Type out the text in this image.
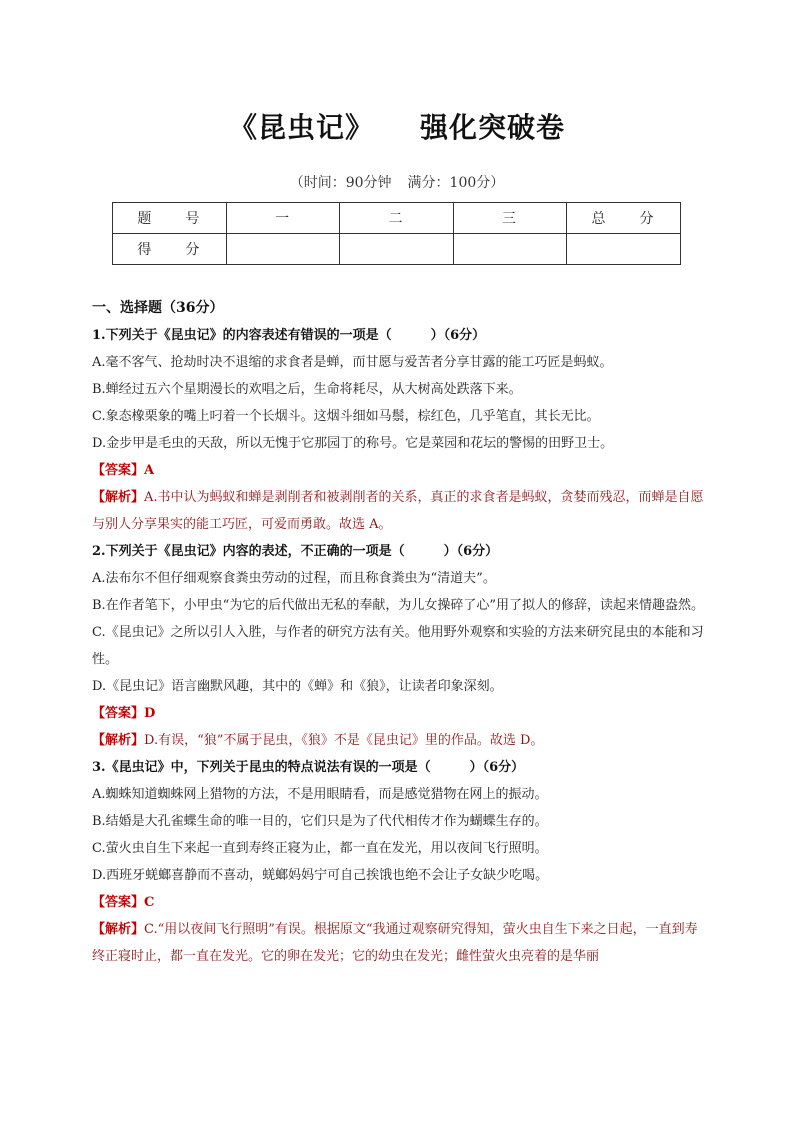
《昆虫记》 强化突破卷
（时间：90分钟 满分：100分）
题　　号	一	二	三	总　　分
得　　分				
一、选择题（36分）
1.下列关于《昆虫记》的内容表述有错误的一项是（　　　）（6分）
A.毫不客气、抢劫时决不退缩的求食者是蝉，而甘愿与爱苦者分享甘露的能工巧匠是蚂蚁。
B.蝉经过五六个星期漫长的欢唱之后，生命将耗尽，从大树高处跌落下来。
C.象态橡栗象的嘴上叼着一个长烟斗。这烟斗细如马鬃，棕红色，几乎笔直，其长无比。
D.金步甲是毛虫的天敌，所以无愧于它那园丁的称号。它是菜园和花坛的警惕的田野卫士。
【答案】A
【解析】A.书中认为蚂蚁和蝉是剥削者和被剥削者的关系，真正的求食者是蚂蚁，贪婪而残忍，而蝉是自愿与别人分享果实的能工巧匠，可爱而勇敢。故选 A。
2.下列关于《昆虫记》内容的表述，不正确的一项是（　　　）（6分）
A.法布尔不但仔细观察食粪虫劳动的过程，而且称食粪虫为“清道夫”。
B.在作者笔下，小甲虫“为它的后代做出无私的奉献，为儿女操碎了心”用了拟人的修辞，读起来情趣盎然。
C.《昆虫记》之所以引人入胜，与作者的研究方法有关。他用野外观察和实验的方法来研究昆虫的本能和习性。
D.《昆虫记》语言幽默风趣，其中的《蝉》和《狼》，让读者印象深刻。
【答案】D
【解析】D.有误，“狼”不属于昆虫，《狼》不是《昆虫记》里的作品。故选 D。
3.《昆虫记》中，下列关于昆虫的特点说法有误的一项是（　　　）（6分）
A.蜘蛛知道蜘蛛网上猎物的方法，不是用眼睛看，而是感觉猎物在网上的振动。
B.结婚是大孔雀蝶生命的唯一目的，它们只是为了代代相传才作为蝴蝶生存的。
C.萤火虫自生下来起一直到寿终正寝为止，都一直在发光，用以夜间飞行照明。
D.西班牙蜣螂喜静而不喜动，蜣螂妈妈宁可自己挨饿也绝不会让子女缺少吃喝。
【答案】C
【解析】C.“用以夜间飞行照明”有误。根据原文“我通过观察研究得知，萤火虫自生下来之日起，一直到寿终正寝时止，都一直在发光。它的卵在发光；它的幼虫在发光；雌性萤火虫亮着的是华丽
